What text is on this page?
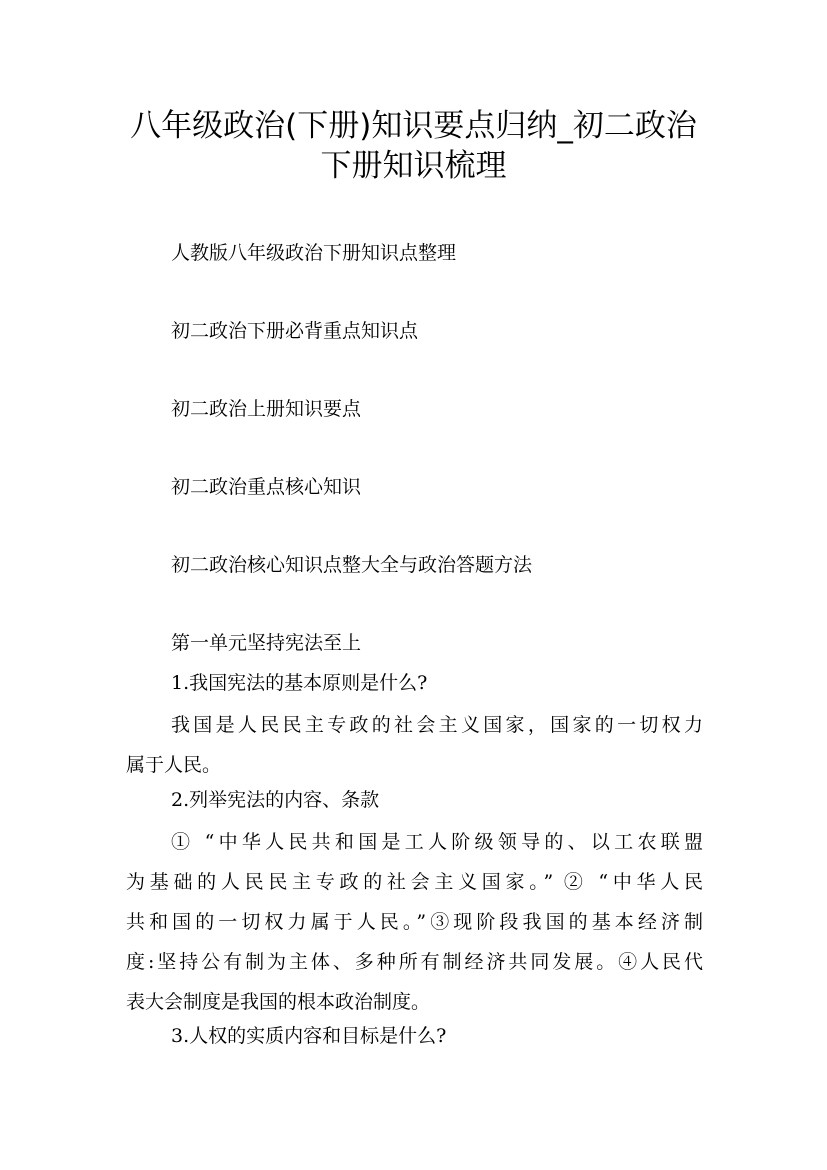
八年级政治(下册)知识要点归纳_初二政治
下册知识梳理

人教版八年级政治下册知识点整理

初二政治下册必背重点知识点

初二政治上册知识要点

初二政治重点核心知识

初二政治核心知识点整大全与政治答题方法

第一单元坚持宪法至上

1.我国宪法的基本原则是什么?

我国是人民民主专政的社会主义国家，国家的一切权力
属于人民。

2.列举宪法的内容、条款

① “中华人民共和国是工人阶级领导的、以工农联盟
为基础的人民民主专政的社会主义国家。” ② “中华人民
共和国的一切权力属于人民。”③现阶段我国的基本经济制
度:坚持公有制为主体、多种所有制经济共同发展。④人民代
表大会制度是我国的根本政治制度。

3.人权的实质内容和目标是什么?
